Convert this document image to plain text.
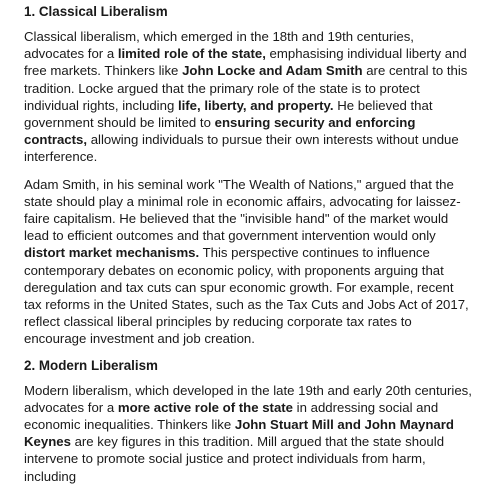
1. Classical Liberalism

Classical liberalism, which emerged in the 18th and 19th centuries, advocates for a limited role of the state, emphasising individual liberty and free markets. Thinkers like John Locke and Adam Smith are central to this tradition. Locke argued that the primary role of the state is to protect individual rights, including life, liberty, and property. He believed that government should be limited to ensuring security and enforcing contracts, allowing individuals to pursue their own interests without undue interference.

Adam Smith, in his seminal work "The Wealth of Nations," argued that the state should play a minimal role in economic affairs, advocating for laissez-faire capitalism. He believed that the "invisible hand" of the market would lead to efficient outcomes and that government intervention would only distort market mechanisms. This perspective continues to influence contemporary debates on economic policy, with proponents arguing that deregulation and tax cuts can spur economic growth. For example, recent tax reforms in the United States, such as the Tax Cuts and Jobs Act of 2017, reflect classical liberal principles by reducing corporate tax rates to encourage investment and job creation.

2. Modern Liberalism

Modern liberalism, which developed in the late 19th and early 20th centuries, advocates for a more active role of the state in addressing social and economic inequalities. Thinkers like John Stuart Mill and John Maynard Keynes are key figures in this tradition. Mill argued that the state should intervene to promote social justice and protect individuals from harm, including
